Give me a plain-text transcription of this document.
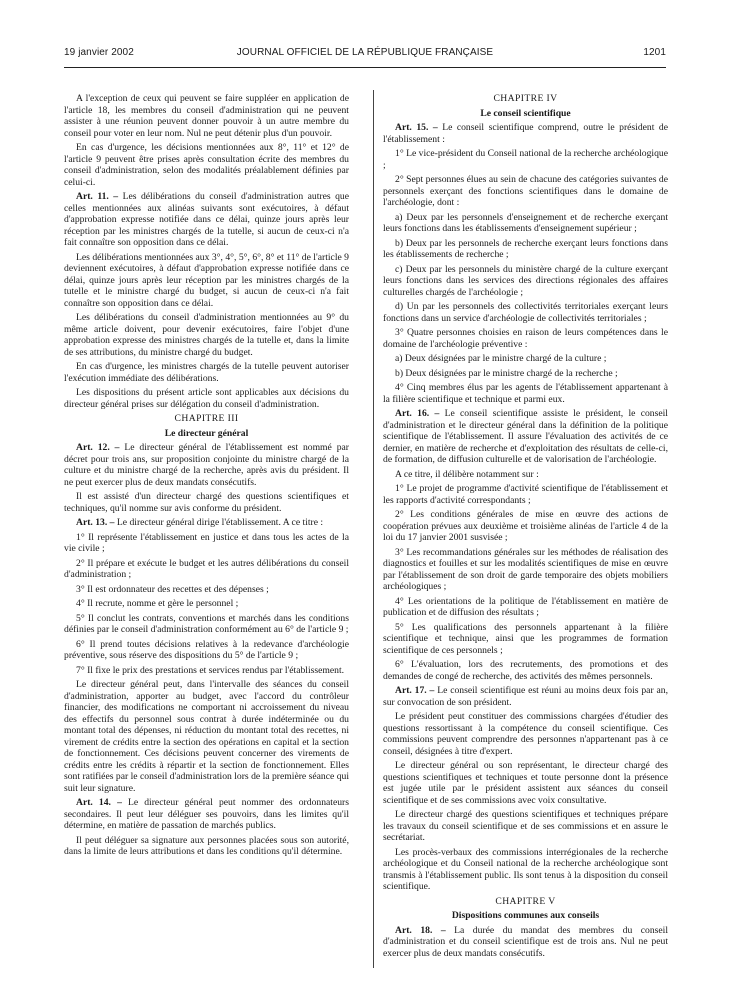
19 janvier 2002	JOURNAL OFFICIEL DE LA RÉPUBLIQUE FRANÇAISE	1201

A l'exception de ceux qui peuvent se faire suppléer en application de l'article 18, les membres du conseil d'administration qui ne peuvent assister à une réunion peuvent donner pouvoir à un autre membre du conseil pour voter en leur nom. Nul ne peut détenir plus d'un pouvoir.

En cas d'urgence, les décisions mentionnées aux 8°, 11° et 12° de l'article 9 peuvent être prises après consultation écrite des membres du conseil d'administration, selon des modalités préalablement définies par celui-ci.

Art. 11. – Les délibérations du conseil d'administration autres que celles mentionnées aux alinéas suivants sont exécutoires, à défaut d'approbation expresse notifiée dans ce délai, quinze jours après leur réception par les ministres chargés de la tutelle, si aucun de ceux-ci n'a fait connaître son opposition dans ce délai.

Les délibérations mentionnées aux 3°, 4°, 5°, 6°, 8° et 11° de l'article 9 deviennent exécutoires, à défaut d'approbation expresse notifiée dans ce délai, quinze jours après leur réception par les ministres chargés de la tutelle et le ministre chargé du budget, si aucun de ceux-ci n'a fait connaître son opposition dans ce délai.

Les délibérations du conseil d'administration mentionnées au 9° du même article doivent, pour devenir exécutoires, faire l'objet d'une approbation expresse des ministres chargés de la tutelle et, dans la limite de ses attributions, du ministre chargé du budget.

En cas d'urgence, les ministres chargés de la tutelle peuvent autoriser l'exécution immédiate des délibérations.

Les dispositions du présent article sont applicables aux décisions du directeur général prises sur délégation du conseil d'administration.

CHAPITRE III

Le directeur général

Art. 12. – Le directeur général de l'établissement est nommé par décret pour trois ans, sur proposition conjointe du ministre chargé de la culture et du ministre chargé de la recherche, après avis du président. Il ne peut exercer plus de deux mandats consécutifs.

Il est assisté d'un directeur chargé des questions scientifiques et techniques, qu'il nomme sur avis conforme du président.

Art. 13. – Le directeur général dirige l'établissement. A ce titre :

1° Il représente l'établissement en justice et dans tous les actes de la vie civile ;

2° Il prépare et exécute le budget et les autres délibérations du conseil d'administration ;

3° Il est ordonnateur des recettes et des dépenses ;

4° Il recrute, nomme et gère le personnel ;

5° Il conclut les contrats, conventions et marchés dans les conditions définies par le conseil d'administration conformément au 6° de l'article 9 ;

6° Il prend toutes décisions relatives à la redevance d'archéologie préventive, sous réserve des dispositions du 5° de l'article 9 ;

7° Il fixe le prix des prestations et services rendus par l'établissement.

Le directeur général peut, dans l'intervalle des séances du conseil d'administration, apporter au budget, avec l'accord du contrôleur financier, des modifications ne comportant ni accroissement du niveau des effectifs du personnel sous contrat à durée indéterminée ou du montant total des dépenses, ni réduction du montant total des recettes, ni virement de crédits entre la section des opérations en capital et la section de fonctionnement. Ces décisions peuvent concerner des virements de crédits entre les crédits à répartir et la section de fonctionnement. Elles sont ratifiées par le conseil d'administration lors de la première séance qui suit leur signature.

Art. 14. – Le directeur général peut nommer des ordonnateurs secondaires. Il peut leur déléguer ses pouvoirs, dans les limites qu'il détermine, en matière de passation de marchés publics.

Il peut déléguer sa signature aux personnes placées sous son autorité, dans la limite de leurs attributions et dans les conditions qu'il détermine.

CHAPITRE IV

Le conseil scientifique

Art. 15. – Le conseil scientifique comprend, outre le président de l'établissement :

1° Le vice-président du Conseil national de la recherche archéologique ;

2° Sept personnes élues au sein de chacune des catégories suivantes de personnels exerçant des fonctions scientifiques dans le domaine de l'archéologie, dont :

a) Deux par les personnels d'enseignement et de recherche exerçant leurs fonctions dans les établissements d'enseignement supérieur ;

b) Deux par les personnels de recherche exerçant leurs fonctions dans les établissements de recherche ;

c) Deux par les personnels du ministère chargé de la culture exerçant leurs fonctions dans les services des directions régionales des affaires culturelles chargés de l'archéologie ;

d) Un par les personnels des collectivités territoriales exerçant leurs fonctions dans un service d'archéologie de collectivités territoriales ;

3° Quatre personnes choisies en raison de leurs compétences dans le domaine de l'archéologie préventive :

a) Deux désignées par le ministre chargé de la culture ;

b) Deux désignées par le ministre chargé de la recherche ;

4° Cinq membres élus par les agents de l'établissement appartenant à la filière scientifique et technique et parmi eux.

Art. 16. – Le conseil scientifique assiste le président, le conseil d'administration et le directeur général dans la définition de la politique scientifique de l'établissement. Il assure l'évaluation des activités de ce dernier, en matière de recherche et d'exploitation des résultats de celle-ci, de formation, de diffusion culturelle et de valorisation de l'archéologie.

A ce titre, il délibère notamment sur :

1° Le projet de programme d'activité scientifique de l'établissement et les rapports d'activité correspondants ;

2° Les conditions générales de mise en œuvre des actions de coopération prévues aux deuxième et troisième alinéas de l'article 4 de la loi du 17 janvier 2001 susvisée ;

3° Les recommandations générales sur les méthodes de réalisation des diagnostics et fouilles et sur les modalités scientifiques de mise en œuvre par l'établissement de son droit de garde temporaire des objets mobiliers archéologiques ;

4° Les orientations de la politique de l'établissement en matière de publication et de diffusion des résultats ;

5° Les qualifications des personnels appartenant à la filière scientifique et technique, ainsi que les programmes de formation scientifique de ces personnels ;

6° L'évaluation, lors des recrutements, des promotions et des demandes de congé de recherche, des activités des mêmes personnels.

Art. 17. – Le conseil scientifique est réuni au moins deux fois par an, sur convocation de son président.

Le président peut constituer des commissions chargées d'étudier des questions ressortissant à la compétence du conseil scientifique. Ces commissions peuvent comprendre des personnes n'appartenant pas à ce conseil, désignées à titre d'expert.

Le directeur général ou son représentant, le directeur chargé des questions scientifiques et techniques et toute personne dont la présence est jugée utile par le président assistent aux séances du conseil scientifique et de ses commissions avec voix consultative.

Le directeur chargé des questions scientifiques et techniques prépare les travaux du conseil scientifique et de ses commissions et en assure le secrétariat.

Les procès-verbaux des commissions interrégionales de la recherche archéologique et du Conseil national de la recherche archéologique sont transmis à l'établissement public. Ils sont tenus à la disposition du conseil scientifique.

CHAPITRE V

Dispositions communes aux conseils

Art. 18. – La durée du mandat des membres du conseil d'administration et du conseil scientifique est de trois ans. Nul ne peut exercer plus de deux mandats consécutifs.
